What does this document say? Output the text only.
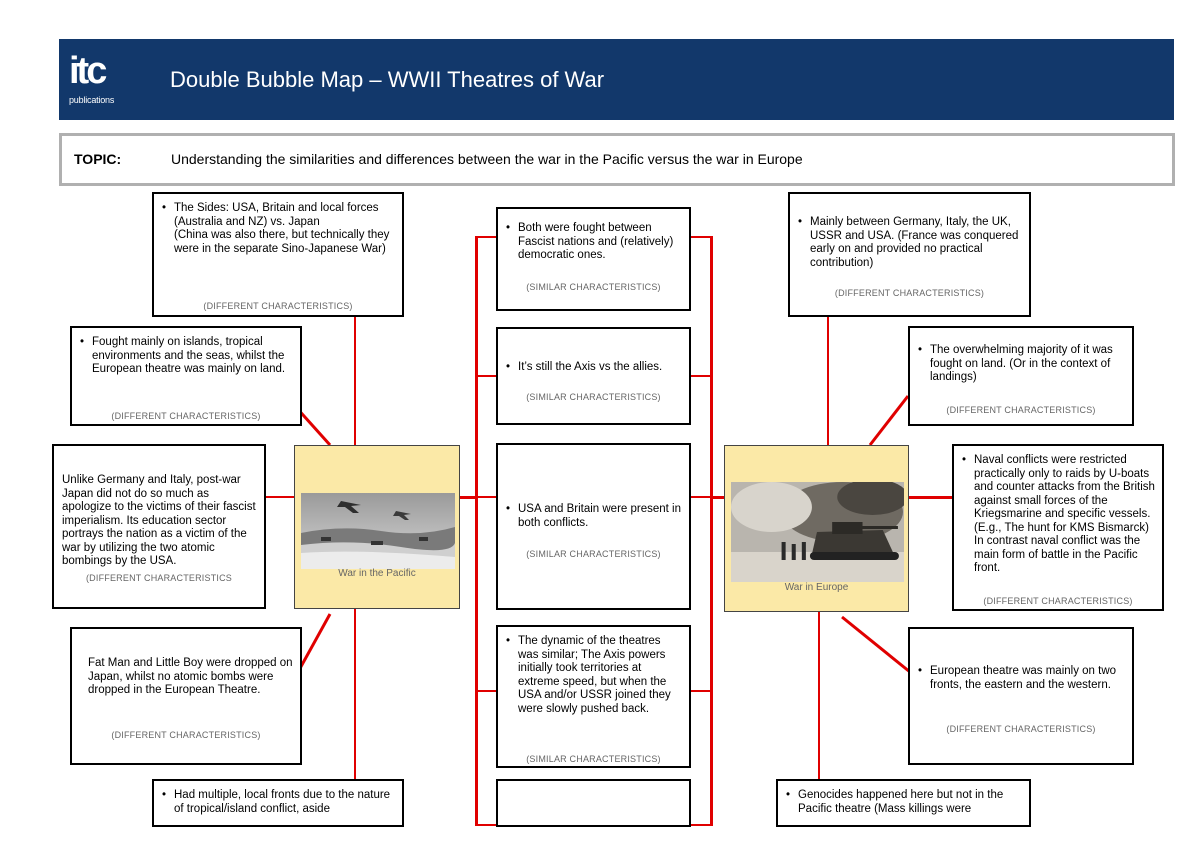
itc
publications
Double Bubble Map – WWII Theatres of War
TOPIC:	Understanding the similarities and differences between the war in the Pacific versus the war in Europe
• The Sides: USA, Britain and local forces (Australia and NZ) vs. Japan
(China was also there, but technically they were in the separate Sino-Japanese War)
(DIFFERENT CHARACTERISTICS)
• Fought mainly on islands, tropical environments and the seas, whilst the European theatre was mainly on land.
(DIFFERENT CHARACTERISTICS)
Unlike Germany and Italy, post-war Japan did not do so much as apologize to the victims of their fascist imperialism. Its education sector portrays the nation as a victim of the war by utilizing the two atomic bombings by the USA.
(DIFFERENT CHARACTERISTICS
Fat Man and Little Boy were dropped on Japan, whilst no atomic bombs were dropped in the European Theatre.
(DIFFERENT CHARACTERISTICS)
• Had multiple, local fronts due to the nature of tropical/island conflict, aside
• Both were fought between Fascist nations and (relatively) democratic ones.
(SIMILAR CHARACTERISTICS)
• It’s still the Axis vs the allies.
(SIMILAR CHARACTERISTICS)
• USA and Britain were present in both conflicts.
(SIMILAR CHARACTERISTICS)
• The dynamic of the theatres was similar; The Axis powers initially took territories at extreme speed, but when the USA and/or USSR joined they were slowly pushed back.
(SIMILAR CHARACTERISTICS)
• Mainly between Germany, Italy, the UK, USSR and USA. (France was conquered early on and provided no practical contribution)
(DIFFERENT CHARACTERISTICS)
• The overwhelming majority of it was fought on land. (Or in the context of landings)
(DIFFERENT CHARACTERISTICS)
• Naval conflicts were restricted practically only to raids by U-boats and counter attacks from the British against small forces of the Kriegsmarine and specific vessels. (E.g., The hunt for KMS Bismarck) In contrast naval conflict was the main form of battle in the Pacific front.
(DIFFERENT CHARACTERISTICS)
• European theatre was mainly on two fronts, the eastern and the western.
(DIFFERENT CHARACTERISTICS)
• Genocides happened here but not in the Pacific theatre (Mass killings were
War in the Pacific
War in Europe
